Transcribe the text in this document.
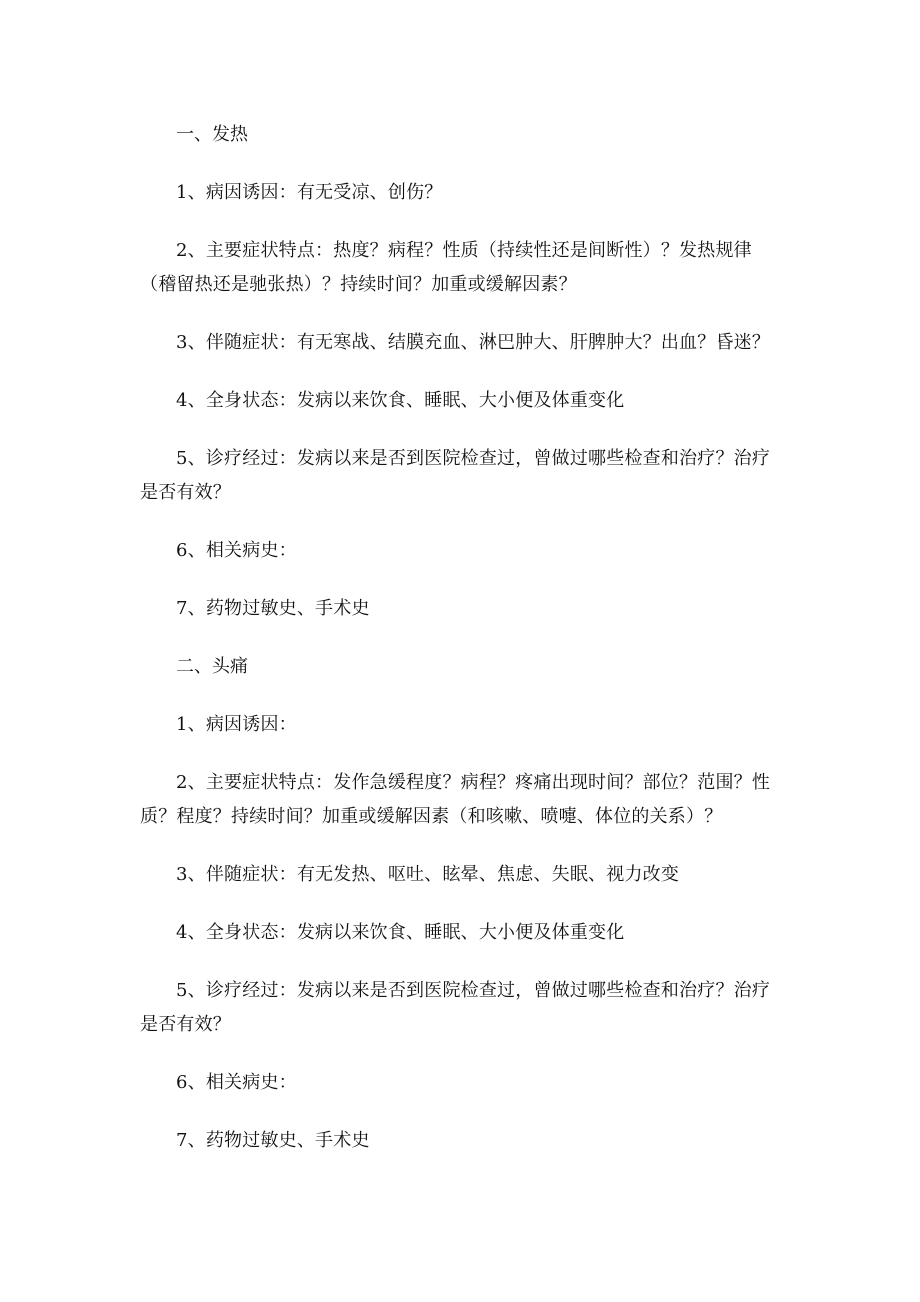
一、发热

1、病因诱因：有无受凉、创伤？

2、主要症状特点：热度？病程？性质（持续性还是间断性）？发热规律（稽留热还是驰张热）？持续时间？加重或缓解因素？

3、伴随症状：有无寒战、结膜充血、淋巴肿大、肝脾肿大？出血？昏迷？

4、全身状态：发病以来饮食、睡眠、大小便及体重变化

5、诊疗经过：发病以来是否到医院检查过，曾做过哪些检查和治疗？治疗是否有效？

6、相关病史：

7、药物过敏史、手术史

二、头痛

1、病因诱因：

2、主要症状特点：发作急缓程度？病程？疼痛出现时间？部位？范围？性质？程度？持续时间？加重或缓解因素（和咳嗽、喷嚏、体位的关系）？

3、伴随症状：有无发热、呕吐、眩晕、焦虑、失眠、视力改变

4、全身状态：发病以来饮食、睡眠、大小便及体重变化

5、诊疗经过：发病以来是否到医院检查过，曾做过哪些检查和治疗？治疗是否有效？

6、相关病史：

7、药物过敏史、手术史
